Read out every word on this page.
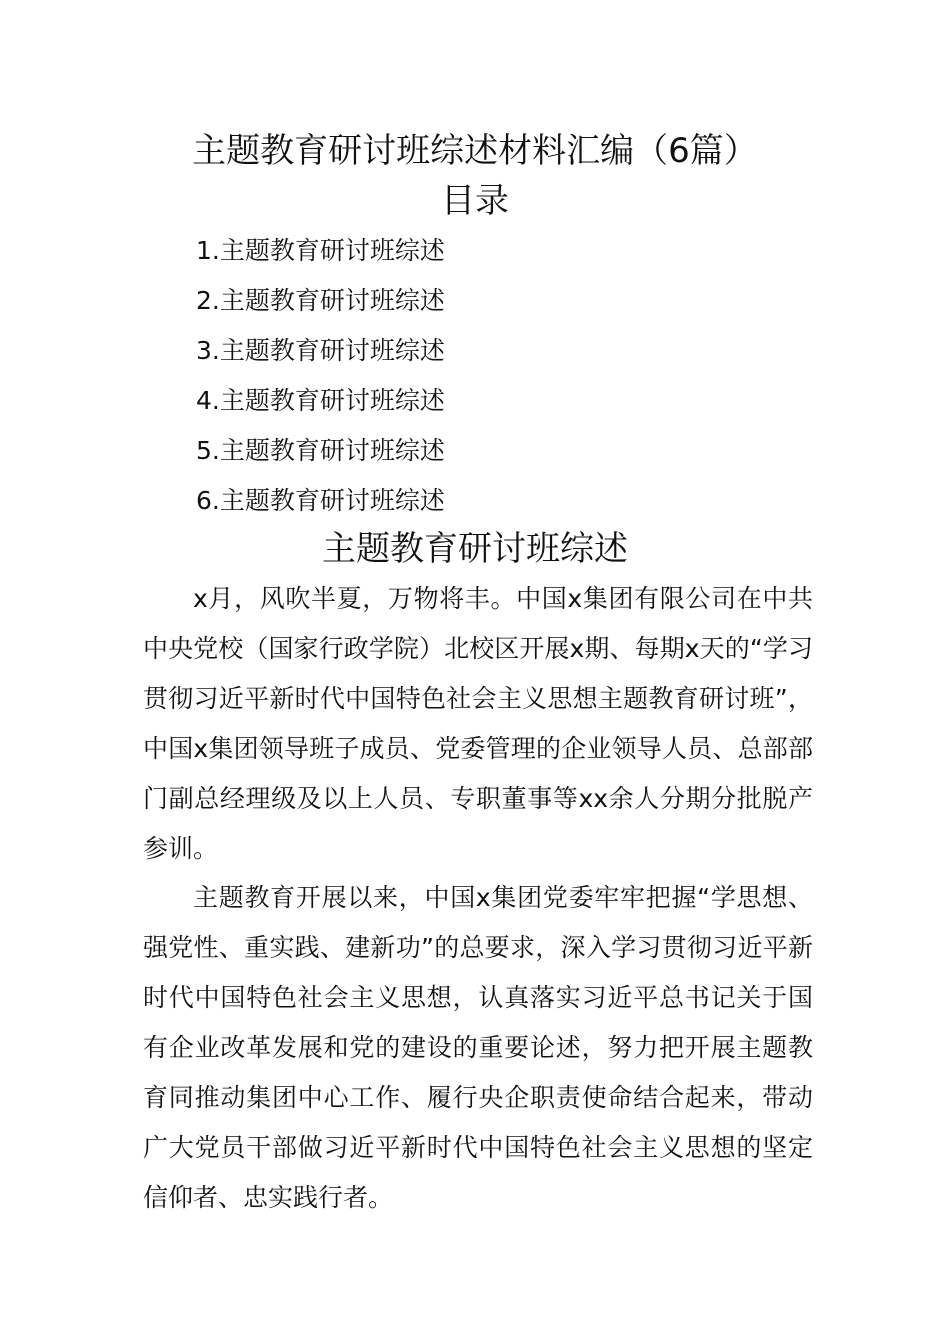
主题教育研讨班综述材料汇编（6篇）
目录
1.主题教育研讨班综述
2.主题教育研讨班综述
3.主题教育研讨班综述
4.主题教育研讨班综述
5.主题教育研讨班综述
6.主题教育研讨班综述
主题教育研讨班综述

x月，风吹半夏，万物将丰。中国x集团有限公司在中共中央党校（国家行政学院）北校区开展x期、每期x天的“学习贯彻习近平新时代中国特色社会主义思想主题教育研讨班”，中国x集团领导班子成员、党委管理的企业领导人员、总部部门副总经理级及以上人员、专职董事等xx余人分期分批脱产参训。

主题教育开展以来，中国x集团党委牢牢把握“学思想、强党性、重实践、建新功”的总要求，深入学习贯彻习近平新时代中国特色社会主义思想，认真落实习近平总书记关于国有企业改革发展和党的建设的重要论述，努力把开展主题教育同推动集团中心工作、履行央企职责使命结合起来，带动广大党员干部做习近平新时代中国特色社会主义思想的坚定信仰者、忠实践行者。
